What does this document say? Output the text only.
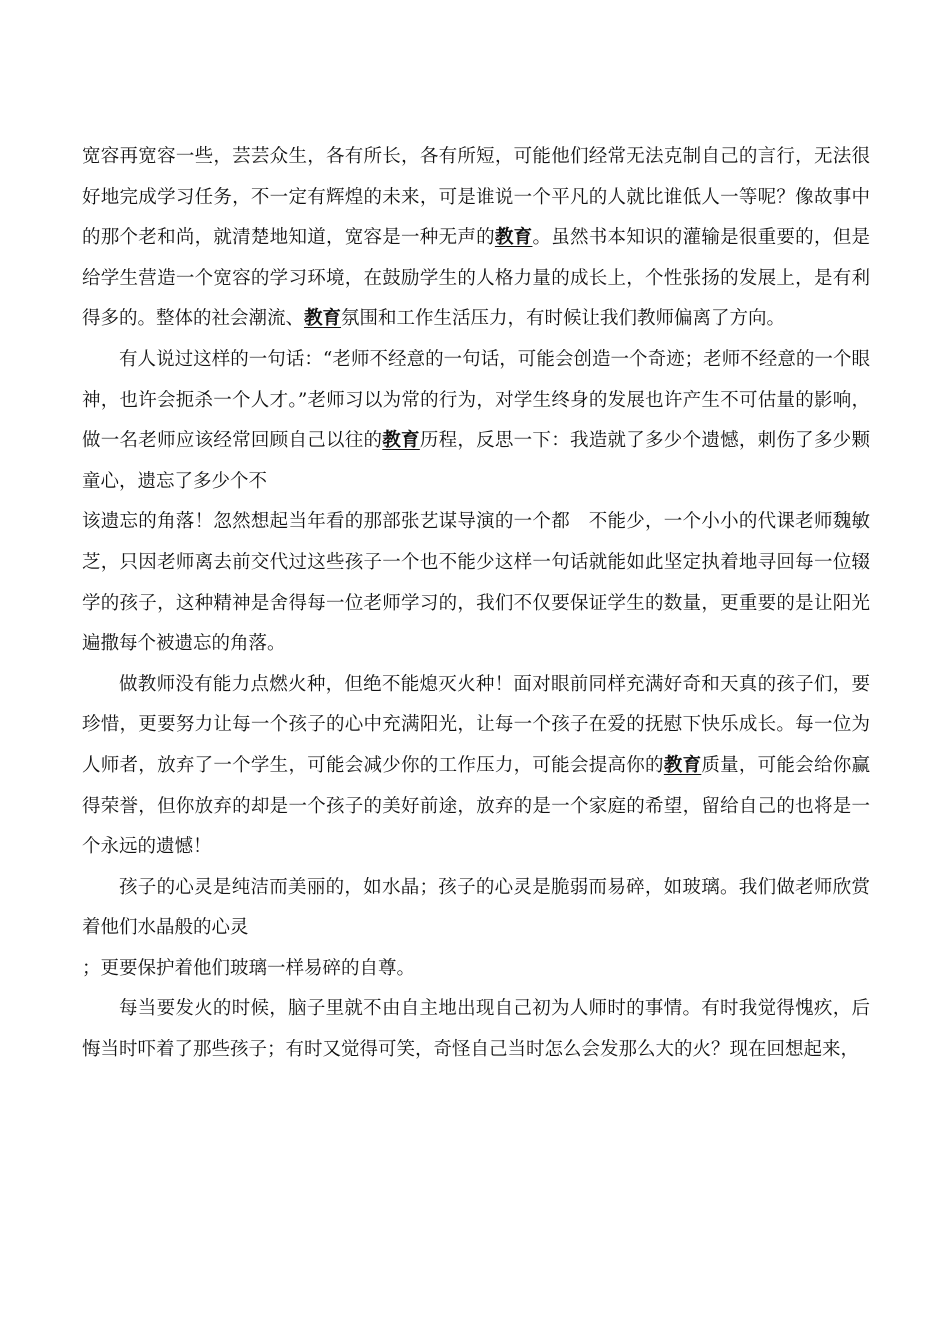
宽容再宽容一些，芸芸众生，各有所长，各有所短，可能他们经常无法克制自己的言行，无法很好地完成学习任务，不一定有辉煌的未来，可是谁说一个平凡的人就比谁低人一等呢？像故事中的那个老和尚，就清楚地知道，宽容是一种无声的教育。虽然书本知识的灌输是很重要的，但是给学生营造一个宽容的学习环境，在鼓励学生的人格力量的成长上，个性张扬的发展上，是有利得多的。整体的社会潮流、教育氛围和工作生活压力，有时候让我们教师偏离了方向。

有人说过这样的一句话：“老师不经意的一句话，可能会创造一个奇迹；老师不经意的一个眼神，也许会扼杀一个人才。”老师习以为常的行为，对学生终身的发展也许产生不可估量的影响，做一名老师应该经常回顾自己以往的教育历程，反思一下：我造就了多少个遗憾，刺伤了多少颗童心，遗忘了多少个不

该遗忘的角落！忽然想起当年看的那部张艺谋导演的一个都　不能少，一个小小的代课老师魏敏芝，只因老师离去前交代过这些孩子一个也不能少这样一句话就能如此坚定执着地寻回每一位辍学的孩子，这种精神是舍得每一位老师学习的，我们不仅要保证学生的数量，更重要的是让阳光遍撒每个被遗忘的角落。

做教师没有能力点燃火种，但绝不能熄灭火种！面对眼前同样充满好奇和天真的孩子们，要珍惜，更要努力让每一个孩子的心中充满阳光，让每一个孩子在爱的抚慰下快乐成长。每一位为人师者，放弃了一个学生，可能会减少你的工作压力，可能会提高你的教育质量，可能会给你赢得荣誉，但你放弃的却是一个孩子的美好前途，放弃的是一个家庭的希望，留给自己的也将是一个永远的遗憾！

孩子的心灵是纯洁而美丽的，如水晶；孩子的心灵是脆弱而易碎，如玻璃。我们做老师欣赏着他们水晶般的心灵

；更要保护着他们玻璃一样易碎的自尊。

每当要发火的时候，脑子里就不由自主地出现自己初为人师时的事情。有时我觉得愧疚，后悔当时吓着了那些孩子；有时又觉得可笑，奇怪自己当时怎么会发那么大的火？现在回想起来，
